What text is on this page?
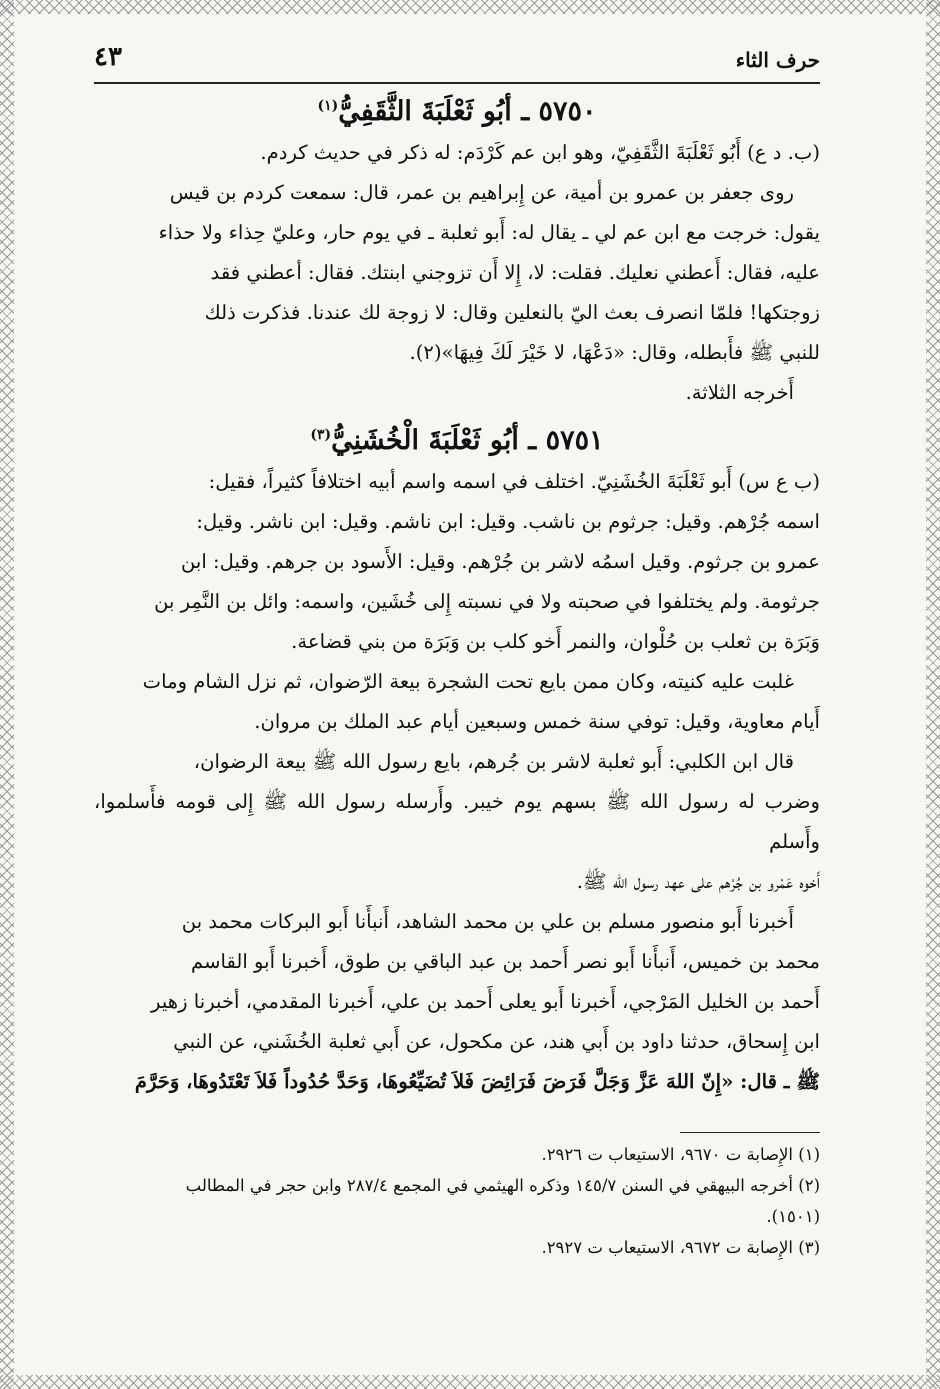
حرف الثاء
٤٣
٥٧٥٠ ـ أبُو ثَعْلَبَةَ الثَّقَفِيُّ$^{(١)}$

(ب. د ع) أَبُو ثَعْلَبَةَ الثَّقَفِيّ، وهو ابن عم كَرْدَم: له ذكر في حديث كردم.

روى جعفر بن عمرو بن أمية، عن إِبراهيم بن عمر، قال: سمعت كردم بن قيس

يقول: خرجت مع ابن عم لي ـ يقال له: أَبو ثعلبة ـ في يوم حار، وعليّ حِذاء ولا حذاء

عليه، فقال: أَعطني نعليك. فقلت: لا، إِلا أَن تزوجني ابنتك. فقال: أعطني فقد

زوجتكها! فلمّا انصرف بعث اليّ بالنعلين وقال: لا زوجة لك عندنا. فذكرت ذلك

للنبي ﷺ فأَبطله، وقال: «دَعْهَا، لا خَيْرَ لَكَ فِيهَا»(٢).

أَخرجه الثلاثة.

٥٧٥١ ـ أبُو ثَعْلَبَةَ الْخُشَنِيُّ$^{(٣)}$

(ب ع س) أَبو ثَعْلَبَةَ الخُشَنِيّ. اختلف في اسمه واسم أبيه اختلافاً كثيراً، فقيل:

اسمه جُرْهم. وقيل: جرثوم بن ناشب. وقيل: ابن ناشم. وقيل: ابن ناشر. وقيل:

عمرو بن جرثوم. وقيل اسمُه لاشر بن جُرْهم. وقيل: الأَسود بن جرهم. وقيل: ابن

جرثومة. ولم يختلفوا في صحبته ولا في نسبته إِلى خُشَين، واسمه: وائل بن النَّمِر بن

وَبَرَة بن ثعلب بن حُلْوان، والنمر أَخو كلب بن وَبَرَة من بني قضاعة.

غلبت عليه كنيته، وكان ممن بايع تحت الشجرة بيعة الرّضوان، ثم نزل الشام ومات

أَيام معاوية، وقيل: توفي سنة خمس وسبعين أيام عبد الملك بن مروان.

قال ابن الكلبي: أَبو ثعلبة لاشر بن جُرهم، بايع رسول الله ﷺ بيعة الرضوان،

وضرب له رسول الله ﷺ بسهم يوم خيبر. وأَرسله رسول الله ﷺ إِلى قومه فأَسلموا، وأَسلم

أَخوه عَمْرو بن جُرْهم على عهد رسول الله ﷺ.

أَخبرنا أَبو منصور مسلم بن علي بن محمد الشاهد، أَنبأَنا أَبو البركات محمد بن

محمد بن خميس، أَنبأَنا أَبو نصر أَحمد بن عبد الباقي بن طوق، أَخبرنا أَبو القاسم

أَحمد بن الخليل المَرْجي، أَخبرنا أَبو يعلى أَحمد بن علي، أَخبرنا المقدمي، أخبرنا زهير

ابن إِسحاق، حدثنا داود بن أَبي هند، عن مكحول، عن أَبي ثعلبة الخُشَني، عن النبي

ﷺ ـ قال: «إِنّ اللهَ عَزَّ وَجَلَّ فَرَضَ فَرَائِضَ فَلاَ تُضَيِّعُوهَا، وَحَدَّ حُدُوداً فَلاَ تَعْتَدُوهَا، وَحَرَّمَ

(١) الإِصابة ت ٩٦٧٠، الاستيعاب ت ٢٩٢٦.

(٢) أخرجه البيهقي في السنن ١٤٥/٧ وذكره الهيثمي في المجمع ٢٨٧/٤ وابن حجر في المطالب

(١٥٠١).

(٣) الإِصابة ت ٩٦٧٢، الاستيعاب ت ٢٩٢٧.
